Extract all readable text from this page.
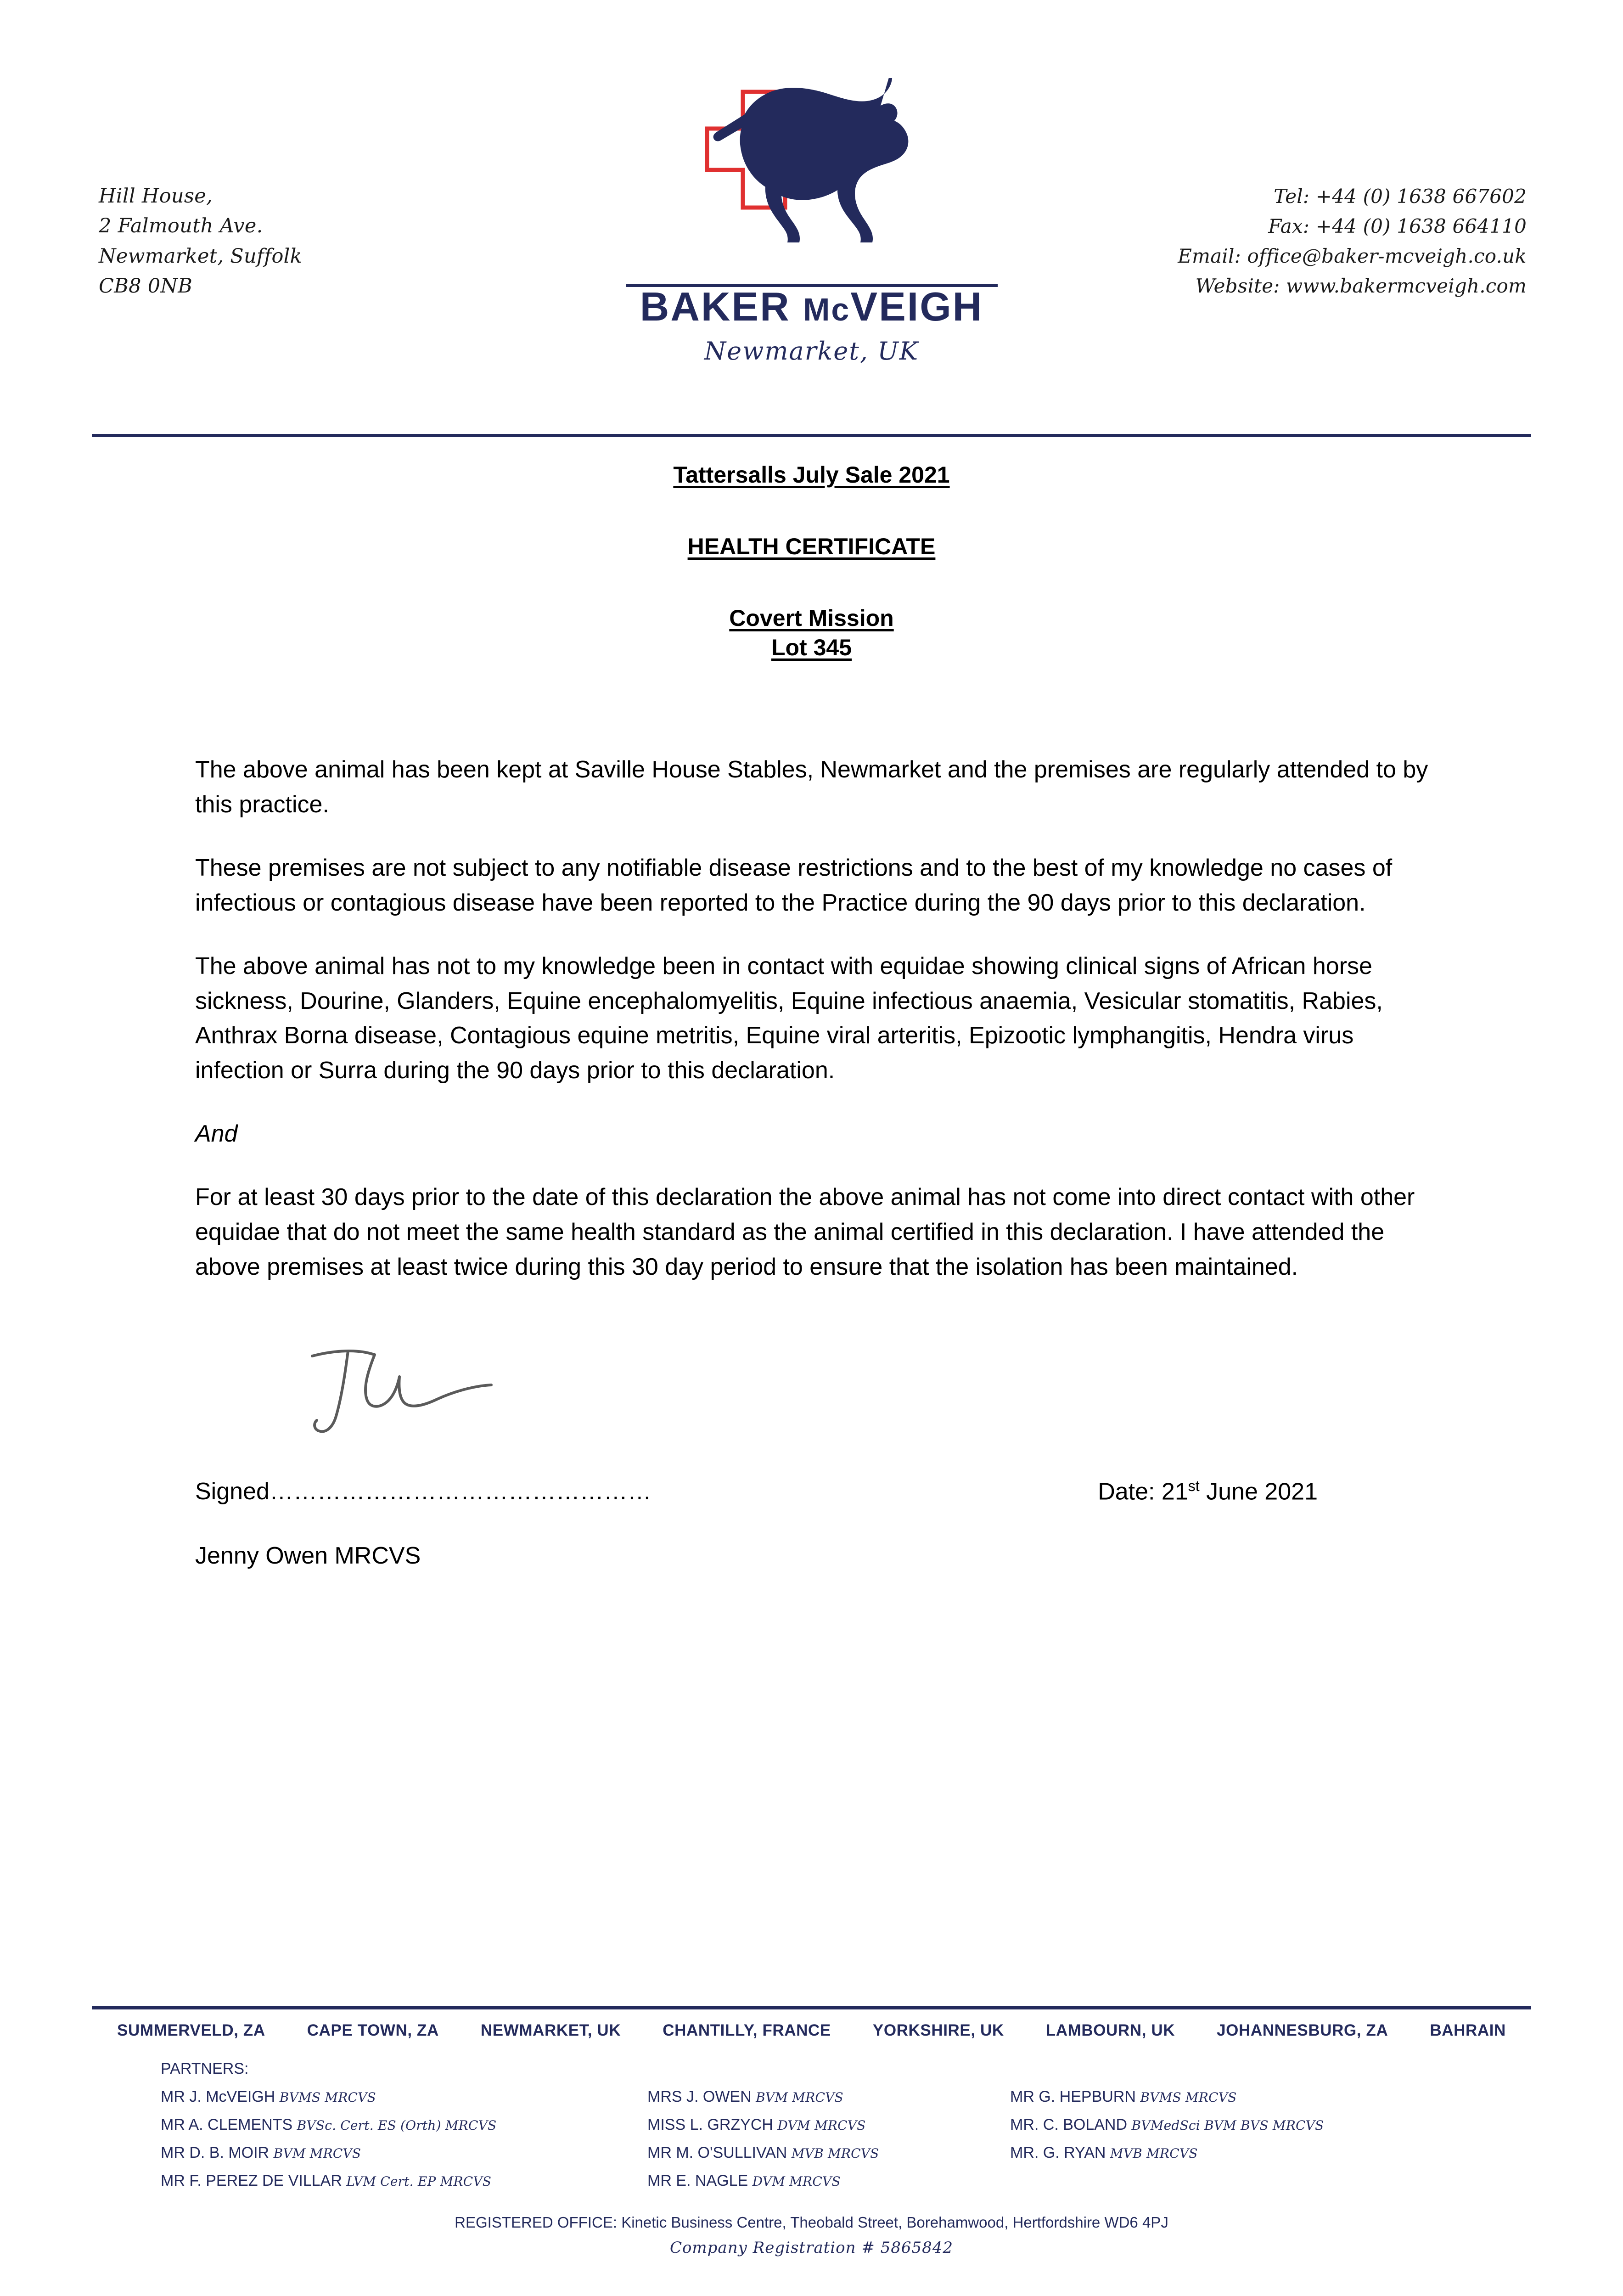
Hill House,
2 Falmouth Ave.
Newmarket, Suffolk
CB8 0NB	BAKER McVEIGH
Newmarket, UK
Tel: +44 (0) 1638 667602
Fax: +44 (0) 1638 664110
Email: office@baker-mcveigh.co.uk
Website: www.bakermcveigh.com
Tattersalls July Sale 2021
HEALTH CERTIFICATE
Covert Mission
Lot 345

The above animal has been kept at Saville House Stables, Newmarket and the premises are regularly attended to by this practice.

These premises are not subject to any notifiable disease restrictions and to the best of my knowledge no cases of infectious or contagious disease have been reported to the Practice during the 90 days prior to this declaration.

The above animal has not to my knowledge been in contact with equidae showing clinical signs of African horse sickness, Dourine, Glanders, Equine encephalomyelitis, Equine infectious anaemia, Vesicular stomatitis, Rabies, Anthrax Borna disease, Contagious equine metritis, Equine viral arteritis, Epizootic lymphangitis, Hendra virus infection or Surra during the 90 days prior to this declaration.

And

For at least 30 days prior to the date of this declaration the above animal has not come into direct contact with other equidae that do not meet the same health standard as the animal certified in this declaration. I have attended the above premises at least twice during this 30 day period to ensure that the isolation has been maintained.

Signed…………………………………………	Date: 21st June 2021
Jenny Owen MRCVS
SUMMERVELD, ZA	CAPE TOWN, ZA	NEWMARKET, UK	CHANTILLY, FRANCE	YORKSHIRE, UK	LAMBOURN, UK	JOHANNESBURG, ZA	BAHRAIN
PARTNERS:
MR J. McVEIGH BVMS MRCVS	MRS J. OWEN BVM MRCVS	MR G. HEPBURN BVMS MRCVS
MR A. CLEMENTS BVSc. Cert. ES (Orth) MRCVS	MISS L. GRZYCH DVM MRCVS	MR. C. BOLAND BVMedSci BVM BVS MRCVS
MR D. B. MOIR BVM MRCVS	MR M. O'SULLIVAN MVB MRCVS	MR. G. RYAN MVB MRCVS
MR F. PEREZ DE VILLAR LVM Cert. EP MRCVS	MR E. NAGLE DVM MRCVS
REGISTERED OFFICE: Kinetic Business Centre, Theobald Street, Borehamwood, Hertfordshire WD6 4PJ
Company Registration # 5865842
